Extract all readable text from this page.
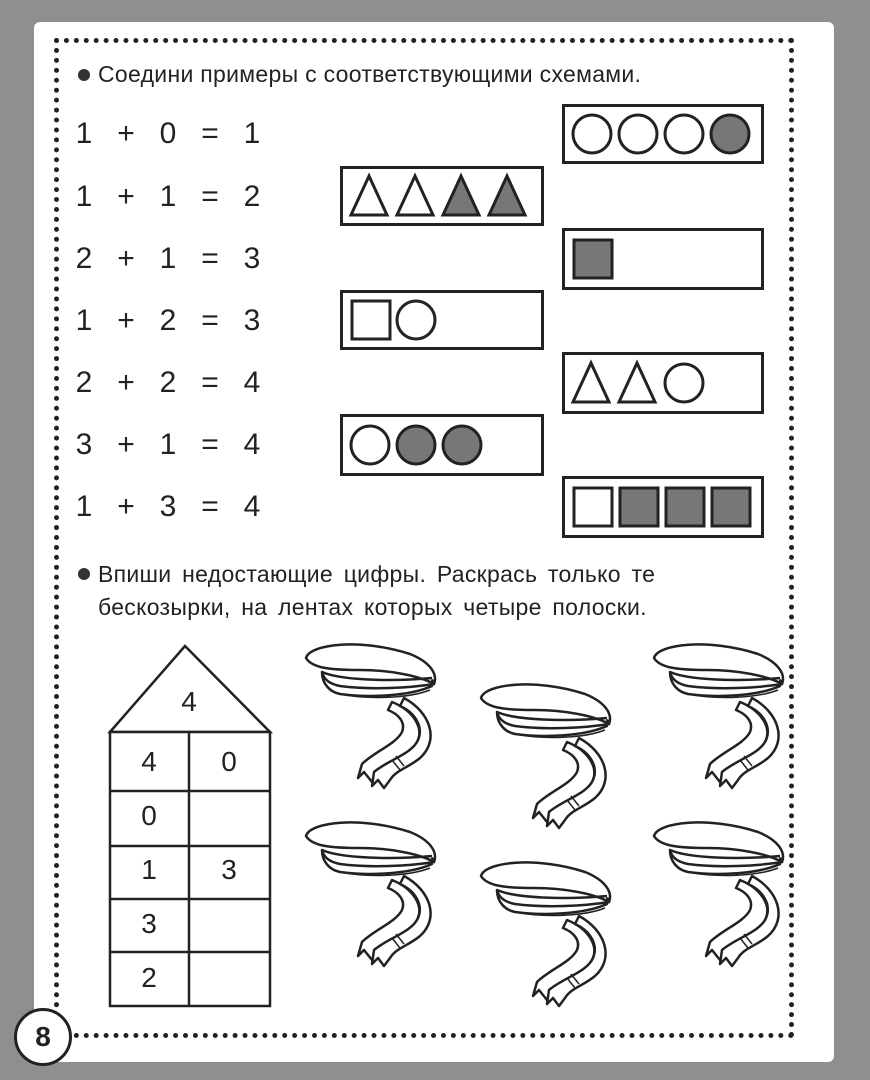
Соедини примеры с соответствующими схемами.
1 + 0 = 1
1 + 1 = 2
2 + 1 = 3
1 + 2 = 3
2 + 2 = 4
3 + 1 = 4
1 + 3 = 4
Впиши недостающие цифры. Раскрась только те
бескозырки, на лентах которых четыре полоски.
4
4	0
0
1	3
3
2
8
